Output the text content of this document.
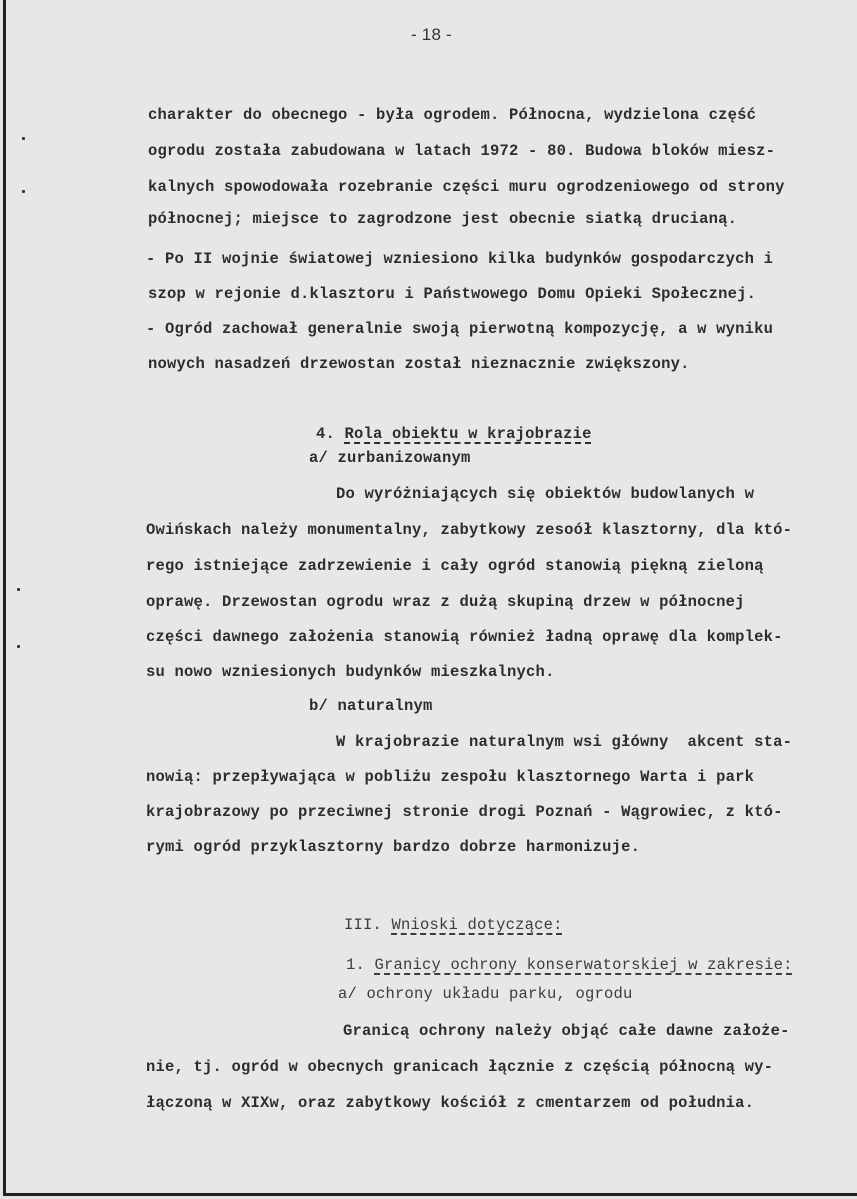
- 18 -
charakter do obecnego - była ogrodem. Północna, wydzielona część
ogrodu została zabudowana w latach 1972 - 80. Budowa bloków miesz-
kalnych spowodowała rozebranie części muru ogrodzeniowego od strony
północnej; miejsce to zagrodzone jest obecnie siatką drucianą.
- Po II wojnie światowej wzniesiono kilka budynków gospodarczych i
szop w rejonie d.klasztoru i Państwowego Domu Opieki Społecznej.
- Ogród zachował generalnie swoją pierwotną kompozycję, a w wyniku
nowych nasadzeń drzewostan został nieznacznie zwiększony.

4. Rola obiektu w krajobrazie

a/ zurbanizowanym
Do wyróżniających się obiektów budowlanych w
Owińskach należy monumentalny, zabytkowy zesoół klasztorny, dla któ-
rego istniejące zadrzewienie i cały ogród stanowią piękną zieloną
oprawę. Drzewostan ogrodu wraz z dużą skupiną drzew w północnej
części dawnego założenia stanowią również ładną oprawę dla komplek-
su nowo wzniesionych budynków mieszkalnych.
b/ naturalnym
W krajobrazie naturalnym wsi główny  akcent sta-
nowią: przepływająca w pobliżu zespołu klasztornego Warta i park
krajobrazowy po przeciwnej stronie drogi Poznań - Wągrowiec, z któ-
rymi ogród przyklasztorny bardzo dobrze harmonizuje.

III. Wnioski dotyczące:

1. Granicy ochrony konserwatorskiej w zakresie:

a/ ochrony układu parku, ogrodu
Granicą ochrony należy objąć całe dawne założe-
nie, tj. ogród w obecnych granicach łącznie z częścią północną wy-
łączoną w XIXw, oraz zabytkowy kościół z cmentarzem od południa.
